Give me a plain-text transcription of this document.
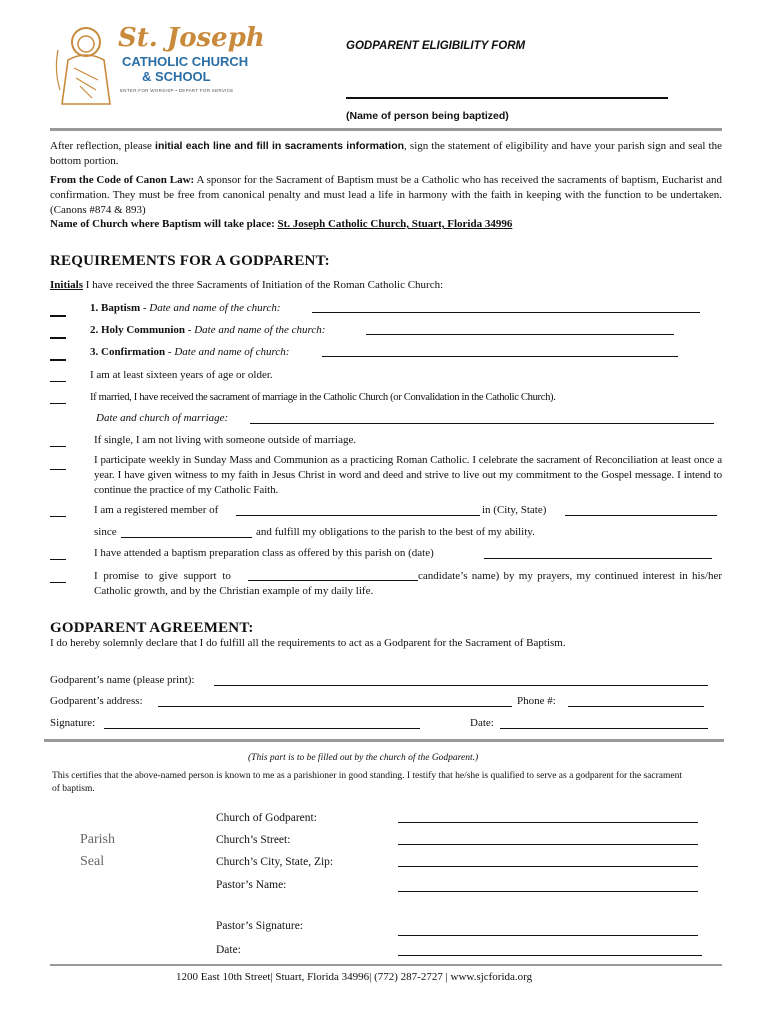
St. Joseph
CATHOLIC CHURCH
& SCHOOL
ENTER FOR WORSHIP • DEPART FOR SERVICE
GODPARENT ELIGIBILITY FORM
(Name of person being baptized)
After reflection, please initial each line and fill in sacraments information, sign the statement of eligibility and have your parish sign and seal the bottom portion.
From the Code of Canon Law: A sponsor for the Sacrament of Baptism must be a Catholic who has received the sacraments of baptism, Eucharist and confirmation. They must be free from canonical penalty and must lead a life in harmony with the faith in keeping with the function to be undertaken. (Canons #874 & 893)
Name of Church where Baptism will take place: St. Joseph Catholic Church, Stuart, Florida 34996
REQUIREMENTS FOR A GODPARENT:
Initials I have received the three Sacraments of Initiation of the Roman Catholic Church:
1. Baptism - Date and name of the church:
2. Holy Communion - Date and name of the church:
3. Confirmation - Date and name of church:
I am at least sixteen years of age or older.
If married, I have received the sacrament of marriage in the Catholic Church (or Convalidation in the Catholic Church).
Date and church of marriage:
If single, I am not living with someone outside of marriage.
I participate weekly in Sunday Mass and Communion as a practicing Roman Catholic. I celebrate the sacrament of Reconciliation at least once a year. I have given witness to my faith in Jesus Christ in word and deed and strive to live out my commitment to the Gospel message. I intend to continue the practice of my Catholic Faith.
I am a registered member of	in (City, State)
since	and fulfill my obligations to the parish to the best of my ability.
I have attended a baptism preparation class as offered by this parish on (date)
I promise to give support to	candidate’s name) by my prayers, my continued interest in his/her Catholic growth, and by the Christian example of my daily life.
GODPARENT AGREEMENT:
I do hereby solemnly declare that I do fulfill all the requirements to act as a Godparent for the Sacrament of Baptism.
Godparent’s name (please print):
Godparent’s address:	Phone #:
Signature:	Date:
(This part is to be filled out by the church of the Godparent.)
This certifies that the above-named person is known to me as a parishioner in good standing. I testify that he/she is qualified to serve as a godparent for the sacrament of baptism.
Parish
Seal
Church of Godparent:
Church’s Street:
Church’s City, State, Zip:
Pastor’s Name:
Pastor’s Signature:
Date:
1200 East 10th Street| Stuart, Florida 34996| (772) 287-2727 | www.sjcforida.org
